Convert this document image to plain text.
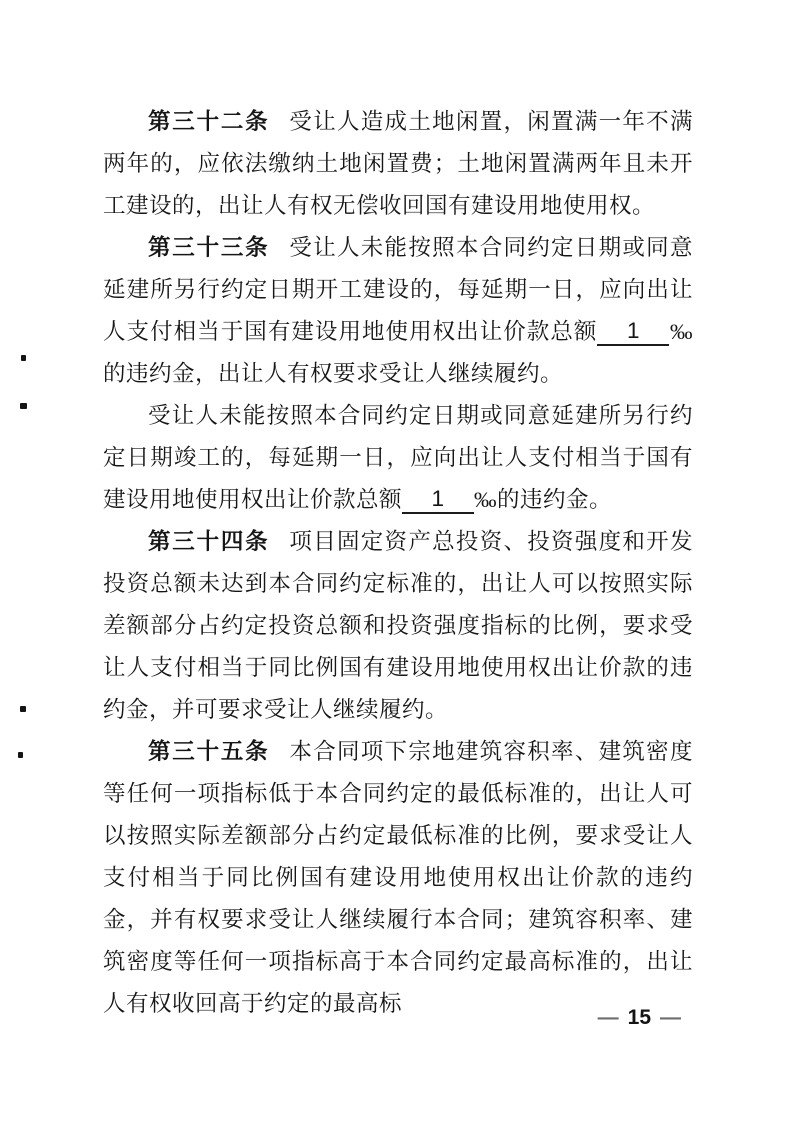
第三十二条 受让人造成土地闲置，闲置满一年不满两年的，应依法缴纳土地闲置费；土地闲置满两年且未开工建设的，出让人有权无偿收回国有建设用地使用权。

第三十三条 受让人未能按照本合同约定日期或同意延建所另行约定日期开工建设的，每延期一日，应向出让人支付相当于国有建设用地使用权出让价款总额 1 ‰的违约金，出让人有权要求受让人继续履约。

受让人未能按照本合同约定日期或同意延建所另行约定日期竣工的，每延期一日，应向出让人支付相当于国有建设用地使用权出让价款总额 1 ‰的违约金。

第三十四条 项目固定资产总投资、投资强度和开发投资总额未达到本合同约定标准的，出让人可以按照实际差额部分占约定投资总额和投资强度指标的比例，要求受让人支付相当于同比例国有建设用地使用权出让价款的违约金，并可要求受让人继续履约。

第三十五条 本合同项下宗地建筑容积率、建筑密度等任何一项指标低于本合同约定的最低标准的，出让人可以按照实际差额部分占约定最低标准的比例，要求受让人支付相当于同比例国有建设用地使用权出让价款的违约金，并有权要求受让人继续履行本合同；建筑容积率、建筑密度等任何一项指标高于本合同约定最高标准的，出让人有权收回高于约定的最高标

— 15 —
